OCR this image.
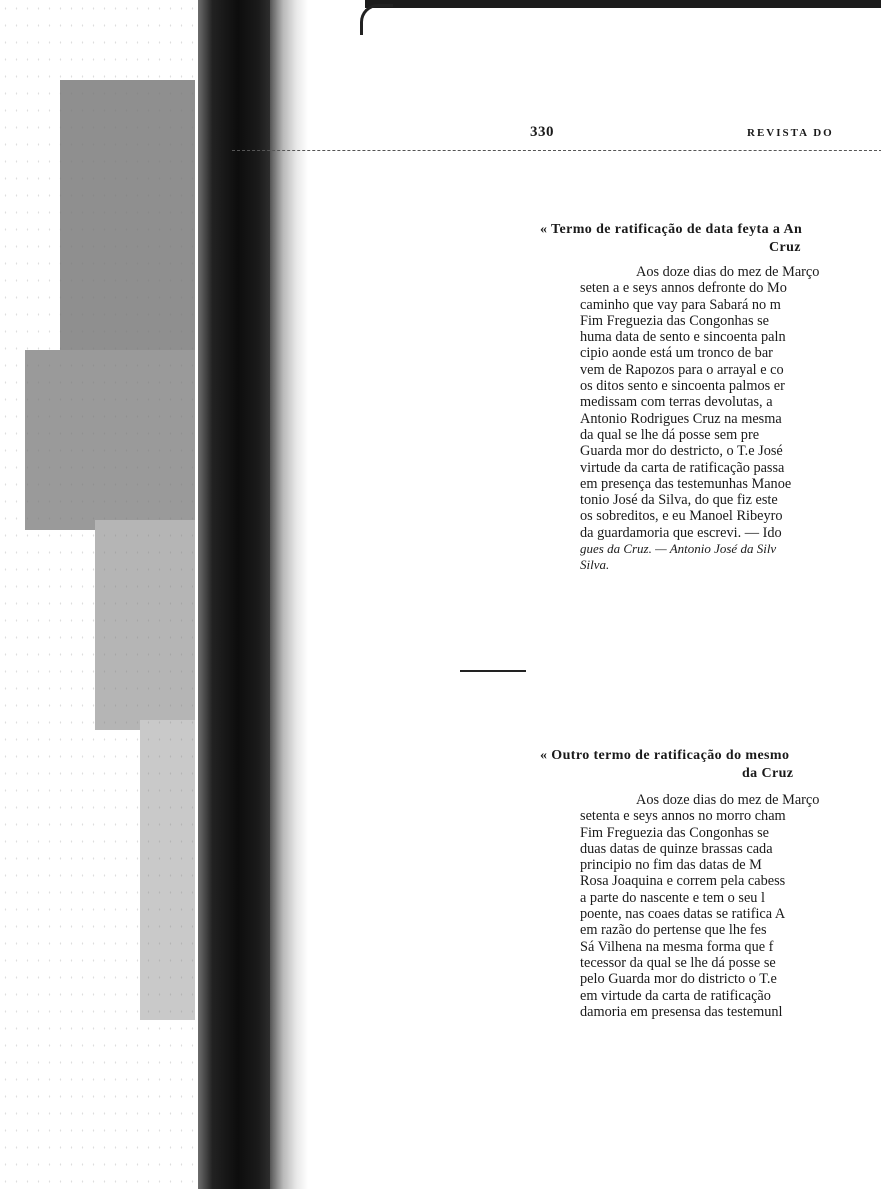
330	REVISTA DO
« Termo de ratificação de data feyta a An
Cruz
Aos doze dias do mez de Março
seten a e seys annos defronte do Mo
caminho que vay para Sabará no m
Fim Freguezia das Congonhas se
huma data de sento e sincoenta paln
cipio aonde está um tronco de bar
vem de Rapozos para o arrayal e co
os ditos sento e sincoenta palmos er
medissam com terras devolutas, a
Antonio Rodrigues Cruz na mesma
da qual se lhe dá posse sem pre
Guarda mor do destricto, o T.e José
virtude da carta de ratificação passa
em presença das testemunhas Manoe
tonio José da Silva, do que fiz este
os sobreditos, e eu Manoel Ribeyro
da guardamoria que escrevi. — Ido
gues da Cruz. — Antonio José da Silv
Silva.
« Outro termo de ratificação do mesmo
da Cruz
Aos doze dias do mez de Março
setenta e seys annos no morro cham
Fim Freguezia das Congonhas se
duas datas de quinze brassas cada
principio no fim das datas de M
Rosa Joaquina e correm pela cabess
a parte do nascente e tem o seu l
poente, nas coaes datas se ratifica A
em razão do pertense que lhe fes
Sá Vilhena na mesma forma que f
tecessor da qual se lhe dá posse se
pelo Guarda mor do districto o T.e
em virtude da carta de ratificação
damoria em presensa das testemunl
